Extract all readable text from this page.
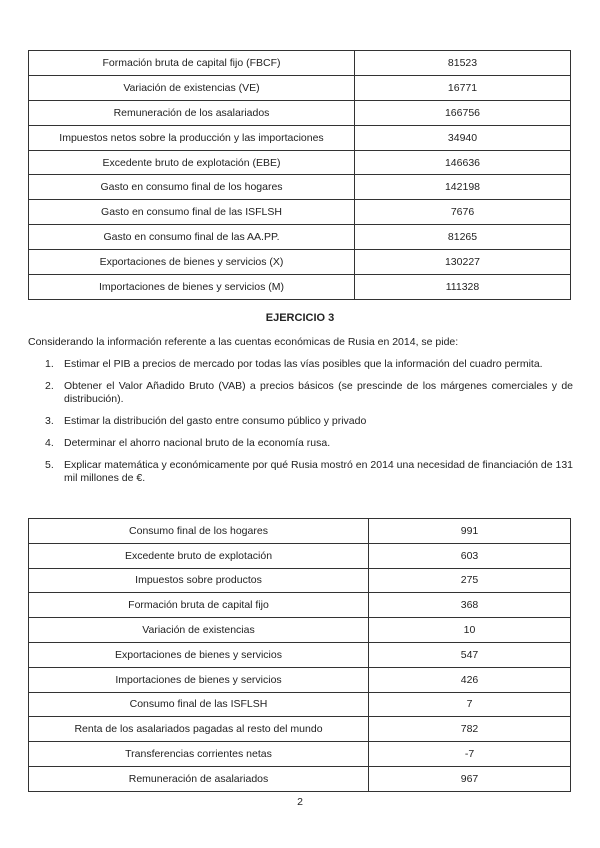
Formación bruta de capital fijo (FBCF)	81523
Variación de existencias (VE)	16771
Remuneración de los asalariados	166756
Impuestos netos sobre la producción y las importaciones	34940
Excedente bruto de explotación (EBE)	146636
Gasto en consumo final de los hogares	142198
Gasto en consumo final de las ISFLSH	7676
Gasto en consumo final de las AA.PP.	81265
Exportaciones de bienes y servicios (X)	130227
Importaciones de bienes y servicios (M)	111328
EJERCICIO 3
Considerando la información referente a las cuentas económicas de Rusia en 2014, se pide:
1. Estimar el PIB a precios de mercado por todas las vías posibles que la información del cuadro permita.
2. Obtener el Valor Añadido Bruto (VAB) a precios básicos (se prescinde de los márgenes comerciales y de distribución).
3. Estimar la distribución del gasto entre consumo público y privado
4. Determinar el ahorro nacional bruto de la economía rusa.
5. Explicar matemática y económicamente por qué Rusia mostró en 2014 una necesidad de financiación de 131 mil millones de €.
Consumo final de los hogares	991
Excedente bruto de explotación	603
Impuestos sobre productos	275
Formación bruta de capital fijo	368
Variación de existencias	10
Exportaciones de bienes y servicios	547
Importaciones de bienes y servicios	426
Consumo final de las ISFLSH	7
Renta de los asalariados pagadas al resto del mundo	782
Transferencias corrientes netas	-7
Remuneración de asalariados	967
2
